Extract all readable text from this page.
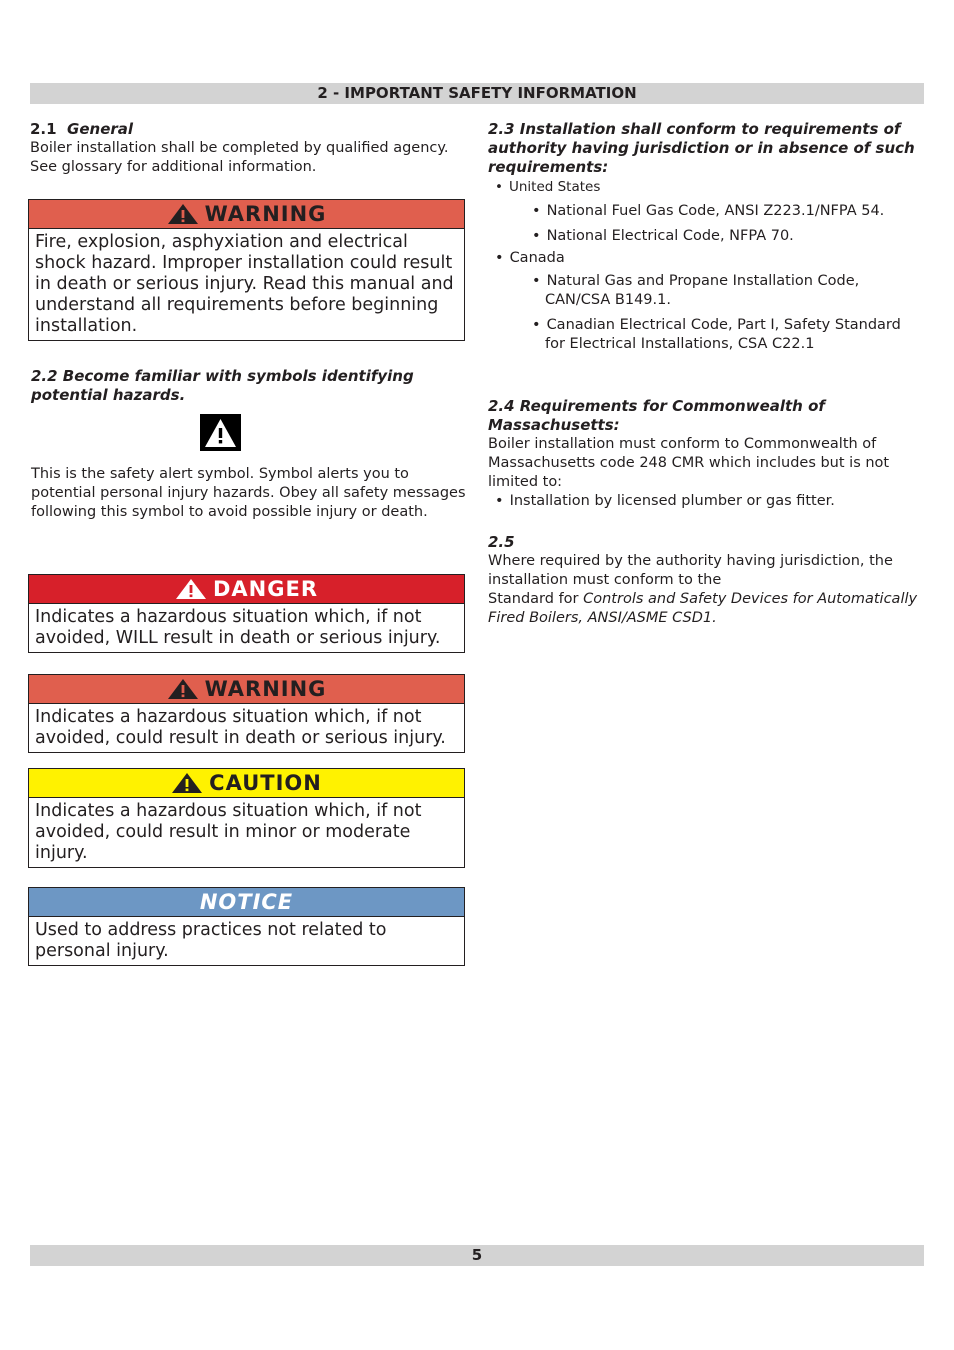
2 - IMPORTANT SAFETY INFORMATION
2.1 General
Boiler installation shall be completed by qualified agency. See glossary for additional information.
WARNING
Fire, explosion, asphyxiation and electrical shock hazard. Improper installation could result in death or serious injury. Read this manual and understand all requirements before beginning installation.
2.2 Become familiar with symbols identifying potential hazards.
This is the safety alert symbol. Symbol alerts you to potential personal injury hazards. Obey all safety messages following this symbol to avoid possible injury or death.
DANGER
Indicates a hazardous situation which, if not avoided, WILL result in death or serious injury.
WARNING
Indicates a hazardous situation which, if not avoided, could result in death or serious injury.
CAUTION
Indicates a hazardous situation which, if not avoided, could result in minor or moderate injury.
NOTICE
Used to address practices not related to personal injury.
2.3 Installation shall conform to requirements of authority having jurisdiction or in absence of such requirements:
• United States
• National Fuel Gas Code, ANSI Z223.1/NFPA 54.
• National Electrical Code, NFPA 70.
• Canada
• Natural Gas and Propane Installation Code, CAN/CSA B149.1.
• Canadian Electrical Code, Part I, Safety Standard for Electrical Installations, CSA C22.1
2.4 Requirements for Commonwealth of Massachusetts:
Boiler installation must conform to Commonwealth of Massachusetts code 248 CMR which includes but is not limited to:
• Installation by licensed plumber or gas fitter.
2.5
Where required by the authority having jurisdiction, the installation must conform to the
Standard for Controls and Safety Devices for Automatically Fired Boilers, ANSI/ASME CSD1.
5
